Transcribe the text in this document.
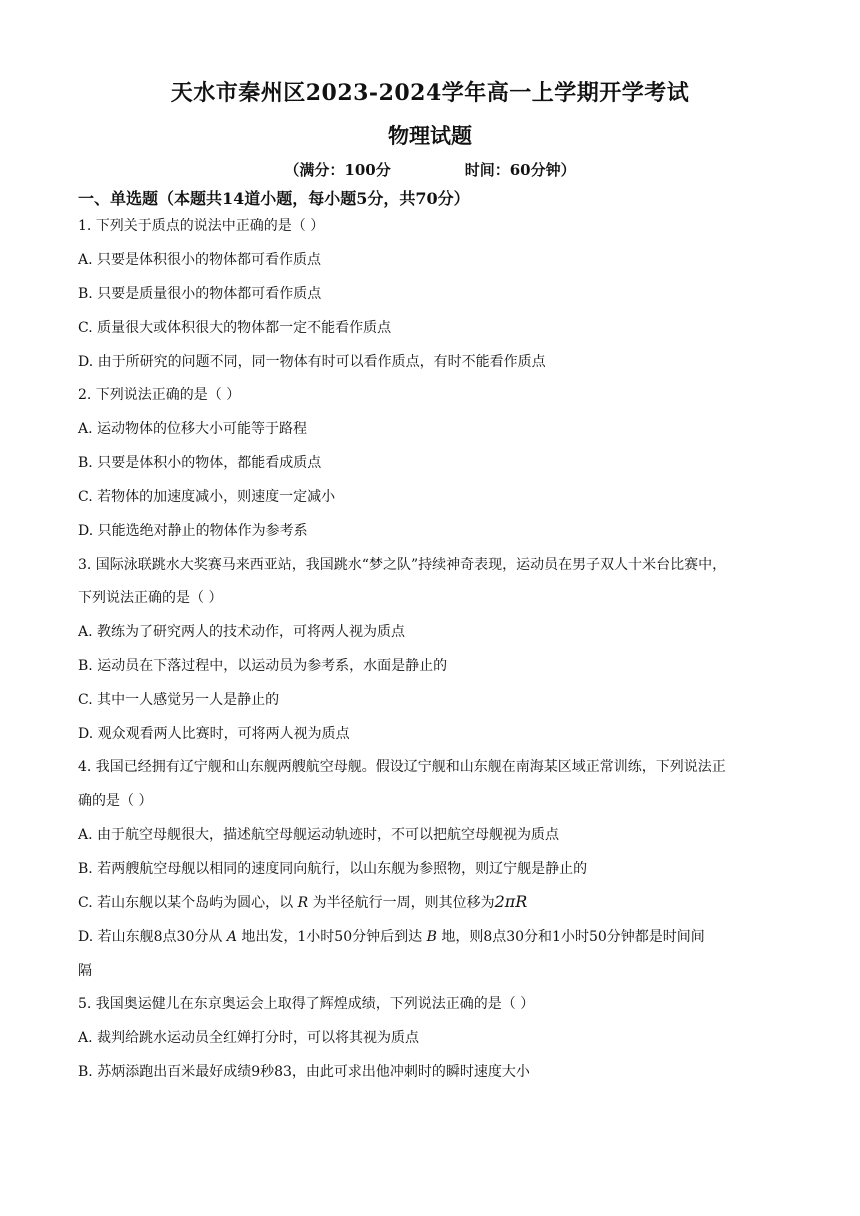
天水市秦州区2023-2024学年高一上学期开学考试
物理试题
（满分：100分	时间：60分钟）
一、单选题（本题共14道小题，每小题5分，共70分）
1. 下列关于质点的说法中正确的是（ ）
A. 只要是体积很小的物体都可看作质点
B. 只要是质量很小的物体都可看作质点
C. 质量很大或体积很大的物体都一定不能看作质点
D. 由于所研究的问题不同，同一物体有时可以看作质点，有时不能看作质点
2. 下列说法正确的是（ ）
A. 运动物体的位移大小可能等于路程
B. 只要是体积小的物体，都能看成质点
C. 若物体的加速度减小，则速度一定减小
D. 只能选绝对静止的物体作为参考系
3. 国际泳联跳水大奖赛马来西亚站，我国跳水“梦之队”持续神奇表现，运动员在男子双人十米台比赛中，
下列说法正确的是（ ）
A. 教练为了研究两人的技术动作，可将两人视为质点
B. 运动员在下落过程中，以运动员为参考系，水面是静止的
C. 其中一人感觉另一人是静止的
D. 观众观看两人比赛时，可将两人视为质点
4. 我国已经拥有辽宁舰和山东舰两艘航空母舰。假设辽宁舰和山东舰在南海某区域正常训练，下列说法正
确的是（ ）
A. 由于航空母舰很大，描述航空母舰运动轨迹时，不可以把航空母舰视为质点
B. 若两艘航空母舰以相同的速度同向航行，以山东舰为参照物，则辽宁舰是静止的
C. 若山东舰以某个岛屿为圆心，以 R 为半径航行一周，则其位移为2πR
D. 若山东舰8点30分从 A 地出发，1小时50分钟后到达 B 地，则8点30分和1小时50分钟都是时间间
隔
5. 我国奥运健儿在东京奥运会上取得了辉煌成绩，下列说法正确的是（ ）
A. 裁判给跳水运动员全红婵打分时，可以将其视为质点
B. 苏炳添跑出百米最好成绩9秒83，由此可求出他冲刺时的瞬时速度大小
